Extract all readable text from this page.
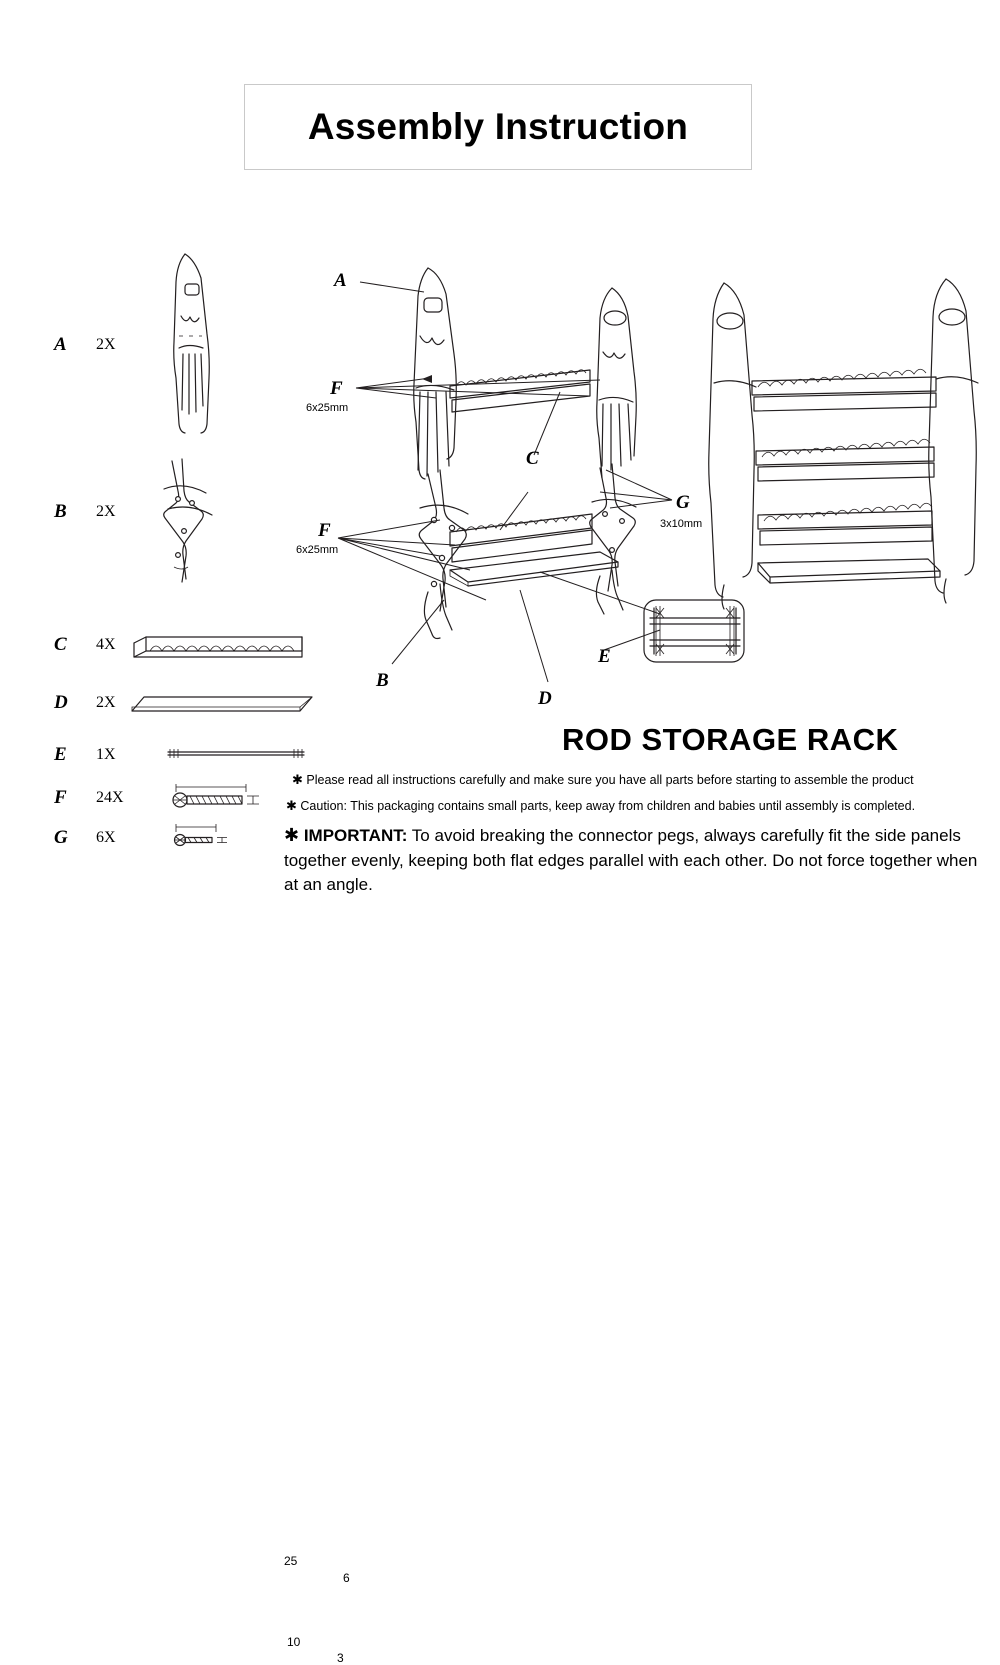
Assembly Instruction
A 2X
B 2X
C 4X
D 2X
E 1X
F 24X
25
6
G 6X
10
3
A
F
6x25mm
C
G
3x10mm
F
6x25mm
B
D
E
ROD STORAGE RACK
✱ Please read all instructions carefully and make sure you have all parts before starting to assemble the product
✱ Caution: This packaging contains small parts, keep away from children and babies until assembly is completed.
✱ IMPORTANT: To avoid breaking the connector pegs, always carefully fit the side panels together evenly, keeping both flat edges parallel with each other. Do not force together when at an angle.
